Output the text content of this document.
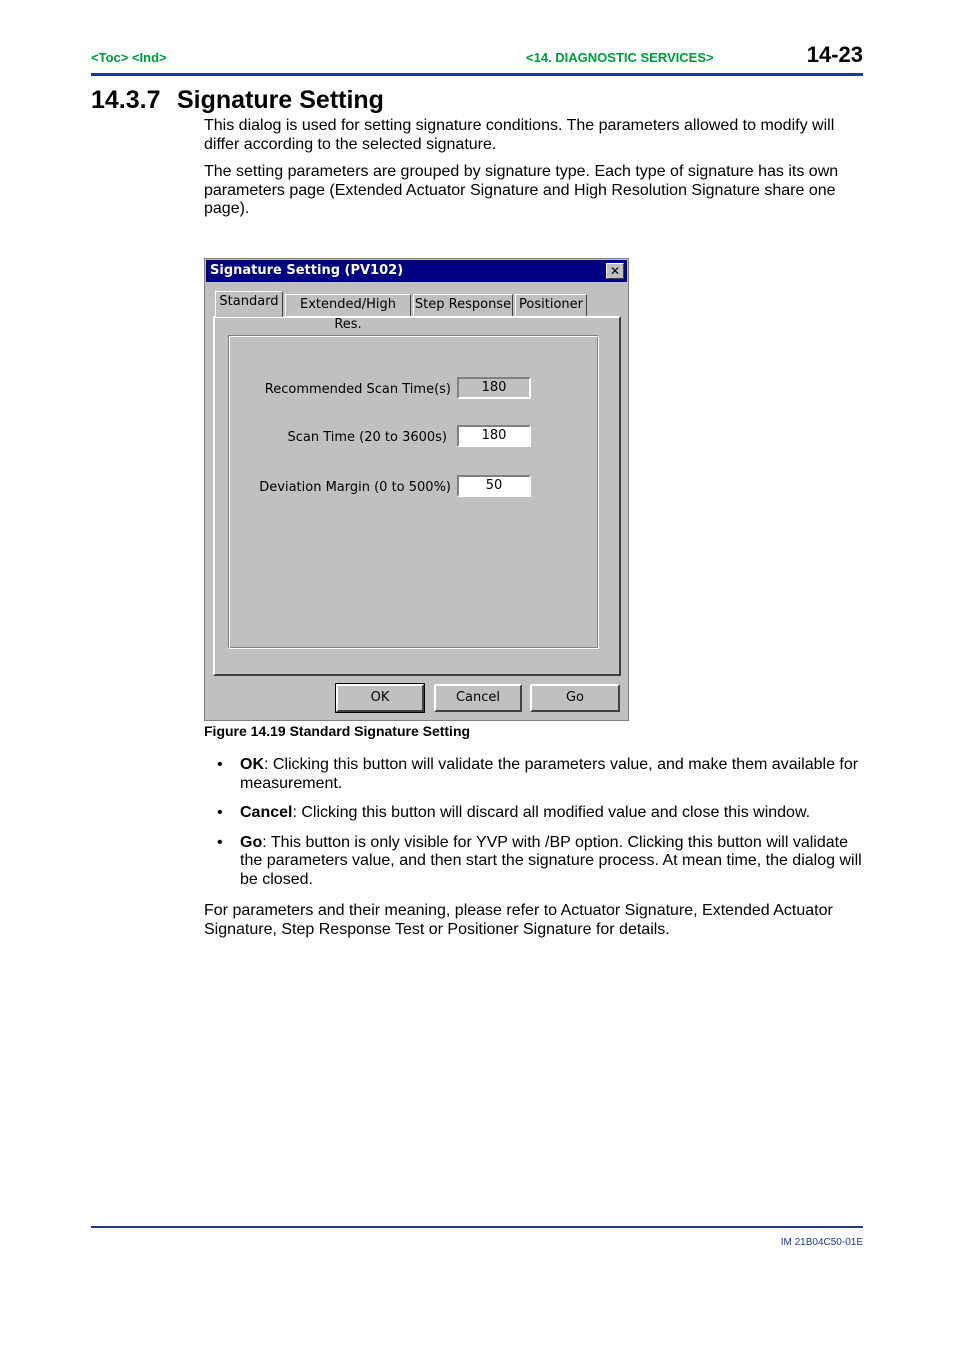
<Toc> <Ind>	<14. DIAGNOSTIC SERVICES>	14-23
14.3.7 Signature Setting

This dialog is used for setting signature conditions. The parameters allowed to modify will differ according to the selected signature.

The setting parameters are grouped by signature type. Each type of signature has its own parameters page (Extended Actuator Signature and High Resolution Signature share one page).

Signature Setting (PV102)	✕
Standard	Extended/High Res.
Step Response Positioner
Recommended Scan Time(s)	180
Scan Time (20 to 3600s)	180
Deviation Margin (0 to 500%)	50
OK	Cancel	Go
Figure 14.19 Standard Signature Setting
• OK: Clicking this button will validate the parameters value, and make them available for measurement.
• Cancel: Clicking this button will discard all modified value and close this window.
• Go: This button is only visible for YVP with /BP option. Clicking this button will validate the parameters value, and then start the signature process. At mean time, the dialog will be closed.

For parameters and their meaning, please refer to Actuator Signature, Extended Actuator Signature, Step Response Test or Positioner Signature for details.

IM 21B04C50-01E
